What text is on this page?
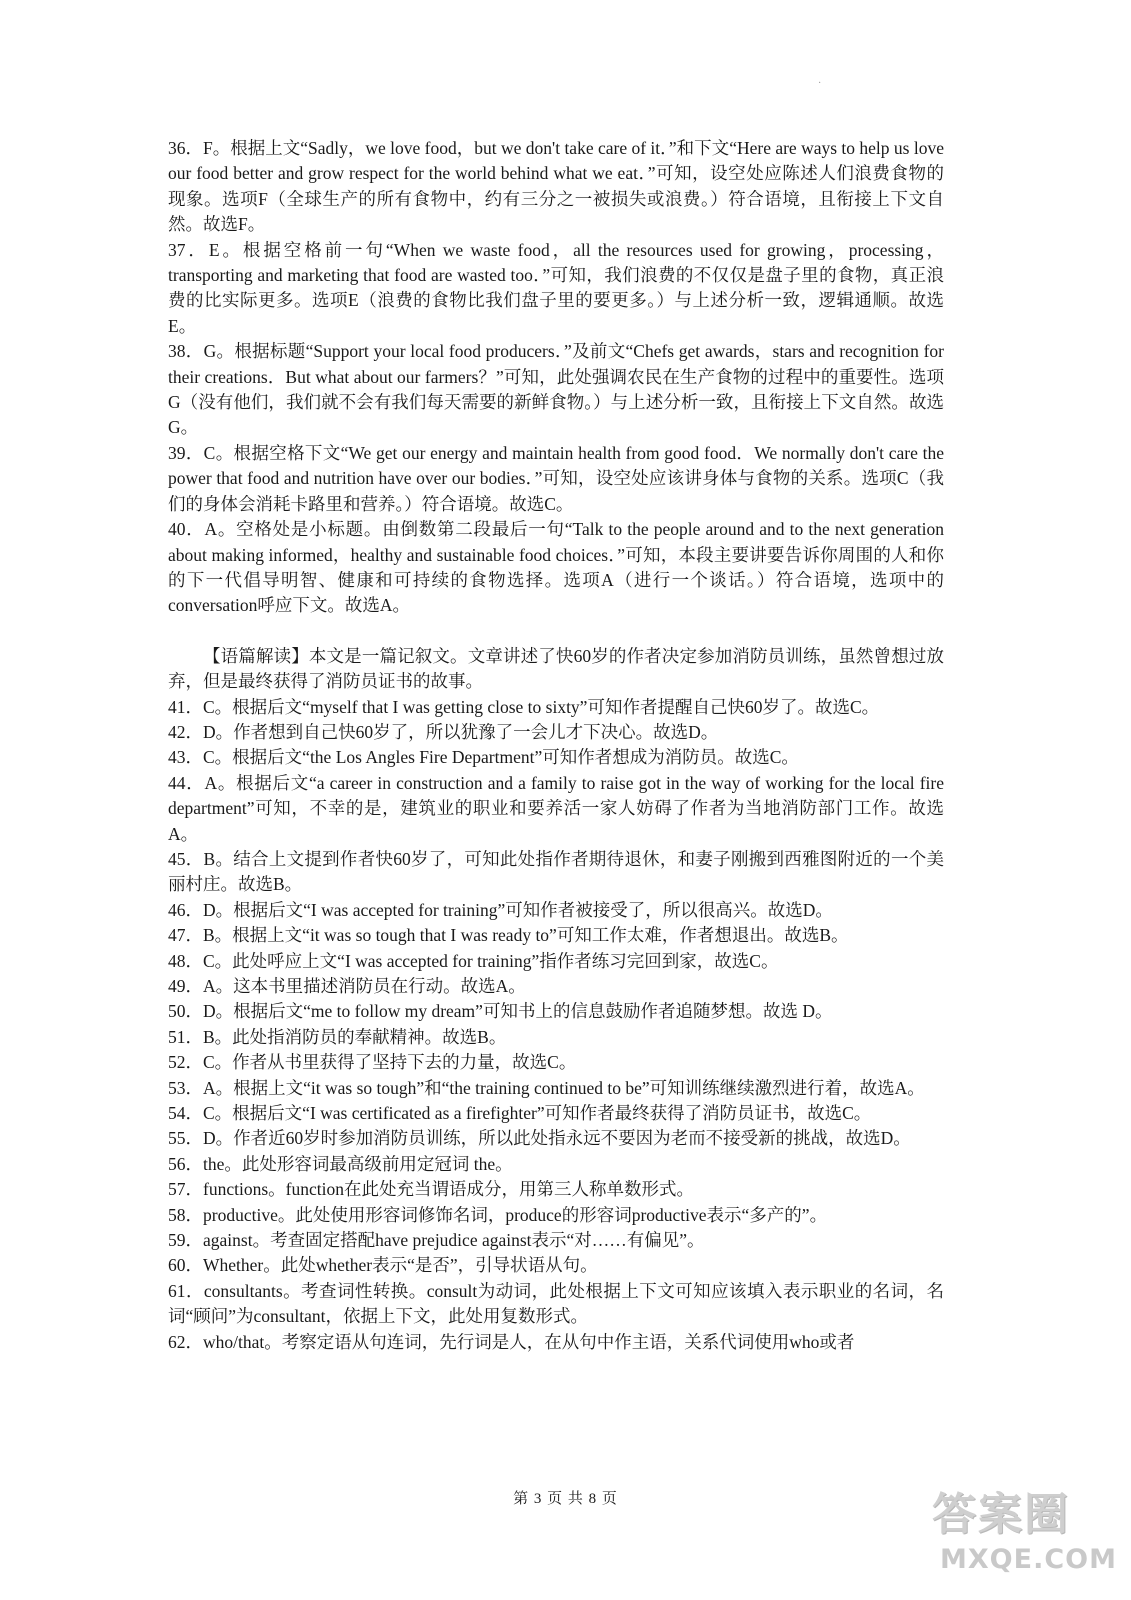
·

36．F。根据上文“Sadly，we love food，but we don't take care of it．”和下文“Here are ways to help us love our food better and grow respect for the world behind what we eat．”可知，设空处应陈述人们浪费食物的现象。选项F（全球生产的所有食物中，约有三分之一被损失或浪费。）符合语境，且衔接上下文自然。故选F。

37．E。根据空格前一句“When we waste food，all the resources used for growing，processing，transporting and marketing that food are wasted too．”可知，我们浪费的不仅仅是盘子里的食物，真正浪费的比实际更多。选项E（浪费的食物比我们盘子里的要更多。）与上述分析一致，逻辑通顺。故选E。

38．G。根据标题“Support your local food producers．”及前文“Chefs get awards，stars and recognition for their creations．But what about our farmers？”可知，此处强调农民在生产食物的过程中的重要性。选项G（没有他们，我们就不会有我们每天需要的新鲜食物。）与上述分析一致，且衔接上下文自然。故选G。

39．C。根据空格下文“We get our energy and maintain health from good food．We normally don't care the power that food and nutrition have over our bodies．”可知，设空处应该讲身体与食物的关系。选项C（我们的身体会消耗卡路里和营养。）符合语境。故选C。

40．A。空格处是小标题。由倒数第二段最后一句“Talk to the people around and to the next generation about making informed，healthy and sustainable food choices．”可知，本段主要讲要告诉你周围的人和你的下一代倡导明智、健康和可持续的食物选择。选项A（进行一个谈话。）符合语境，选项中的conversation呼应下文。故选A。

【语篇解读】本文是一篇记叙文。文章讲述了快60岁的作者决定参加消防员训练，虽然曾想过放弃，但是最终获得了消防员证书的故事。

41．C。根据后文“myself that I was getting close to sixty”可知作者提醒自己快60岁了。故选C。

42．D。作者想到自己快60岁了，所以犹豫了一会儿才下决心。故选D。

43．C。根据后文“the Los Angles Fire Department”可知作者想成为消防员。故选C。

44．A。根据后文“a career in construction and a family to raise got in the way of working for the local fire department”可知，不幸的是，建筑业的职业和要养活一家人妨碍了作者为当地消防部门工作。故选A。

45．B。结合上文提到作者快60岁了，可知此处指作者期待退休，和妻子刚搬到西雅图附近的一个美丽村庄。故选B。

46．D。根据后文“I was accepted for training”可知作者被接受了，所以很高兴。故选D。

47．B。根据上文“it was so tough that I was ready to”可知工作太难，作者想退出。故选B。

48．C。此处呼应上文“I was accepted for training”指作者练习完回到家，故选C。

49．A。这本书里描述消防员在行动。故选A。

50．D。根据后文“me to follow my dream”可知书上的信息鼓励作者追随梦想。故选 D。

51．B。此处指消防员的奉献精神。故选B。

52．C。作者从书里获得了坚持下去的力量，故选C。

53．A。根据上文“it was so tough”和“the training continued to be”可知训练继续激烈进行着，故选A。

54．C。根据后文“I was certificated as a firefighter”可知作者最终获得了消防员证书，故选C。

55．D。作者近60岁时参加消防员训练，所以此处指永远不要因为老而不接受新的挑战，故选D。

56．the。此处形容词最高级前用定冠词 the。

57．functions。function在此处充当谓语成分，用第三人称单数形式。

58．productive。此处使用形容词修饰名词，produce的形容词productive表示“多产的”。

59．against。考查固定搭配have prejudice against表示“对……有偏见”。

60．Whether。此处whether表示“是否”，引导状语从句。

61．consultants。考查词性转换。consult为动词，此处根据上下文可知应该填入表示职业的名词，名词“顾问”为consultant，依据上下文，此处用复数形式。

62．who/that。考察定语从句连词，先行词是人，在从句中作主语，关系代词使用who或者

第 3 页 共 8 页	答案圈
MXQE.COM
